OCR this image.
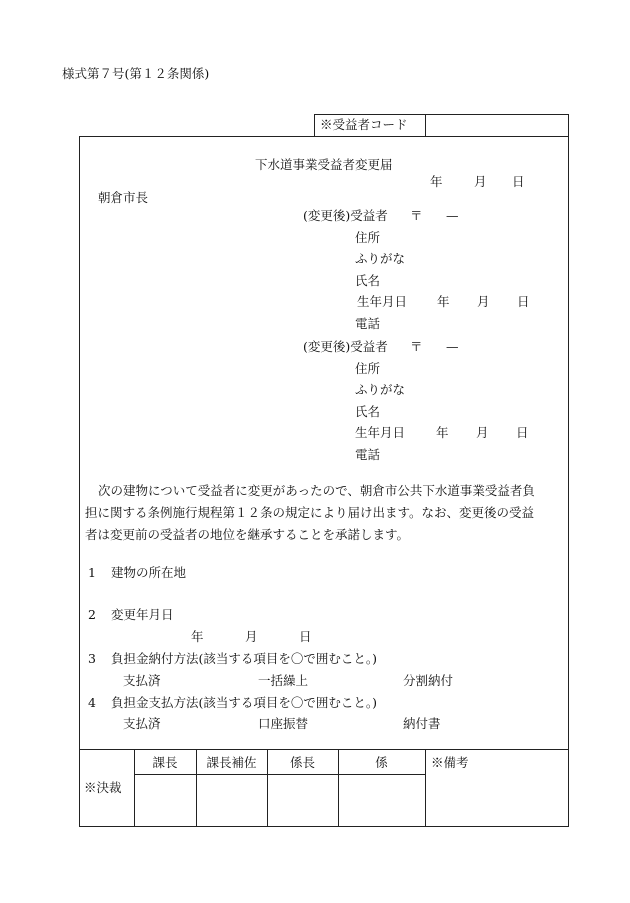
様式第７号(第１２条関係)
※受益者コード
下水道事業受益者変更届
年	月 日
朝倉市長
(変更後)受益者 〒 —
住所
ふりがな
氏名
生年月日 年 月 日
電話
(変更後)受益者 〒 —
住所
ふりがな
氏名
生年月日 年 月 日
電話
次の建物について受益者に変更があったので、朝倉市公共下水道事業受益者負
担に関する条例施行規程第１２条の規定により届け出ます。なお、変更後の受益
者は変更前の受益者の地位を継承することを承諾します。
1 建物の所在地
2 変更年月日
年	月	日
3 負担金納付方法(該当する項目を〇で囲むこと。)
支払済	一括繰上	分割納付
4 負担金支払方法(該当する項目を〇で囲むこと。)
支払済	口座振替	納付書
※決裁
課長	課長補佐	係長	係	※備考
